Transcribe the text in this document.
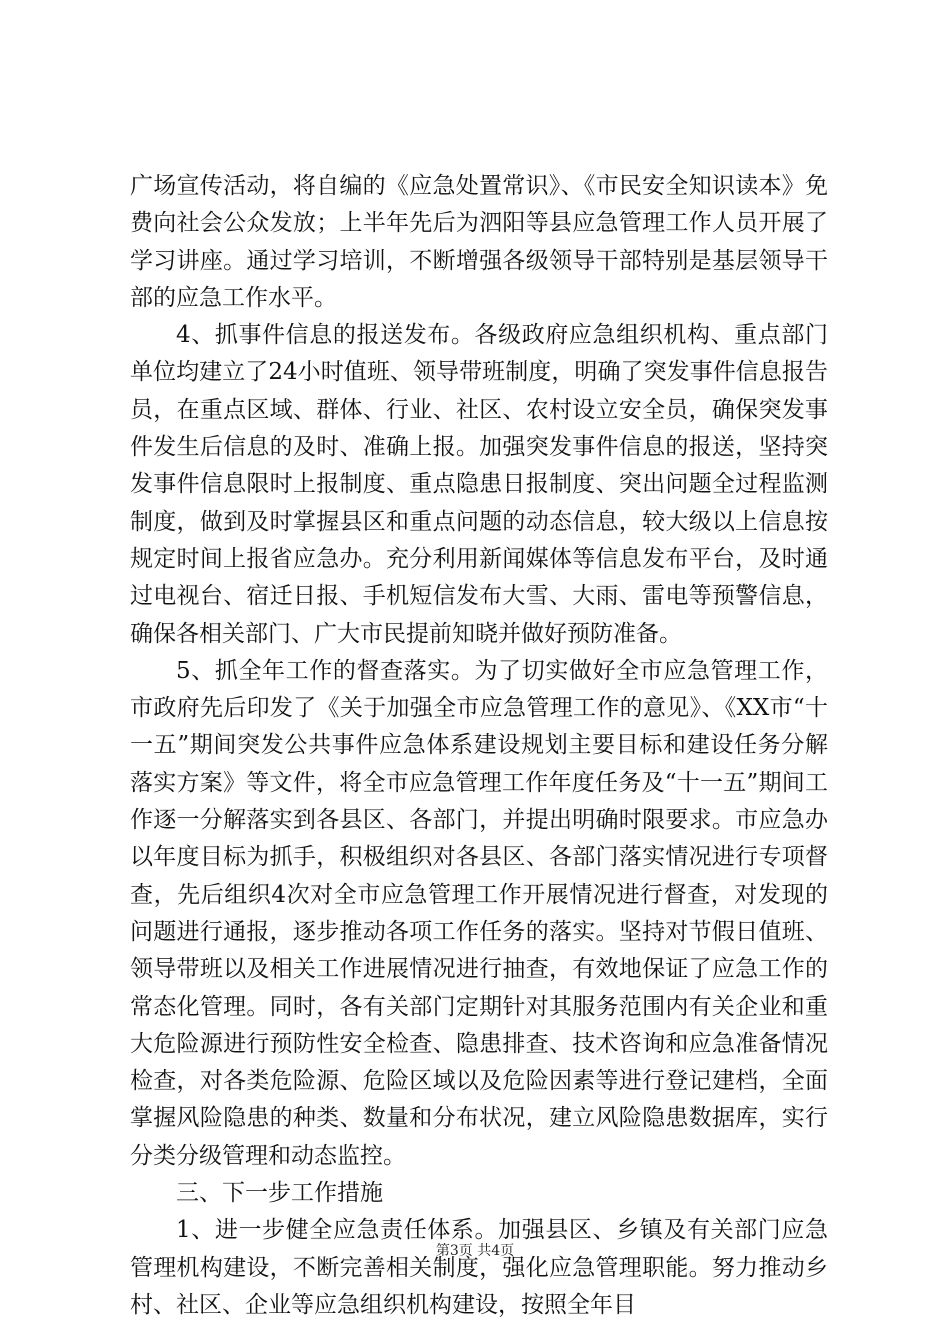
广场宣传活动，将自编的《应急处置常识》、《市民安全知识读本》免费向社会公众发放；上半年先后为泗阳等县应急管理工作人员开展了学习讲座。通过学习培训，不断增强各级领导干部特别是基层领导干部的应急工作水平。

4、抓事件信息的报送发布。各级政府应急组织机构、重点部门单位均建立了24小时值班、领导带班制度，明确了突发事件信息报告员，在重点区域、群体、行业、社区、农村设立安全员，确保突发事件发生后信息的及时、准确上报。加强突发事件信息的报送，坚持突发事件信息限时上报制度、重点隐患日报制度、突出问题全过程监测制度，做到及时掌握县区和重点问题的动态信息，较大级以上信息按规定时间上报省应急办。充分利用新闻媒体等信息发布平台，及时通过电视台、宿迁日报、手机短信发布大雪、大雨、雷电等预警信息，确保各相关部门、广大市民提前知晓并做好预防准备。

5、抓全年工作的督查落实。为了切实做好全市应急管理工作，市政府先后印发了《关于加强全市应急管理工作的意见》、《XX市“十一五”期间突发公共事件应急体系建设规划主要目标和建设任务分解落实方案》等文件，将全市应急管理工作年度任务及“十一五”期间工作逐一分解落实到各县区、各部门，并提出明确时限要求。市应急办以年度目标为抓手，积极组织对各县区、各部门落实情况进行专项督查，先后组织4次对全市应急管理工作开展情况进行督查，对发现的问题进行通报，逐步推动各项工作任务的落实。坚持对节假日值班、领导带班以及相关工作进展情况进行抽查，有效地保证了应急工作的常态化管理。同时，各有关部门定期针对其服务范围内有关企业和重大危险源进行预防性安全检查、隐患排查、技术咨询和应急准备情况检查，对各类危险源、危险区域以及危险因素等进行登记建档，全面掌握风险隐患的种类、数量和分布状况，建立风险隐患数据库，实行分类分级管理和动态监控。

三、下一步工作措施

1、进一步健全应急责任体系。加强县区、乡镇及有关部门应急管理机构建设，不断完善相关制度，强化应急管理职能。努力推动乡村、社区、企业等应急组织机构建设，按照全年目

第3页 共4页
